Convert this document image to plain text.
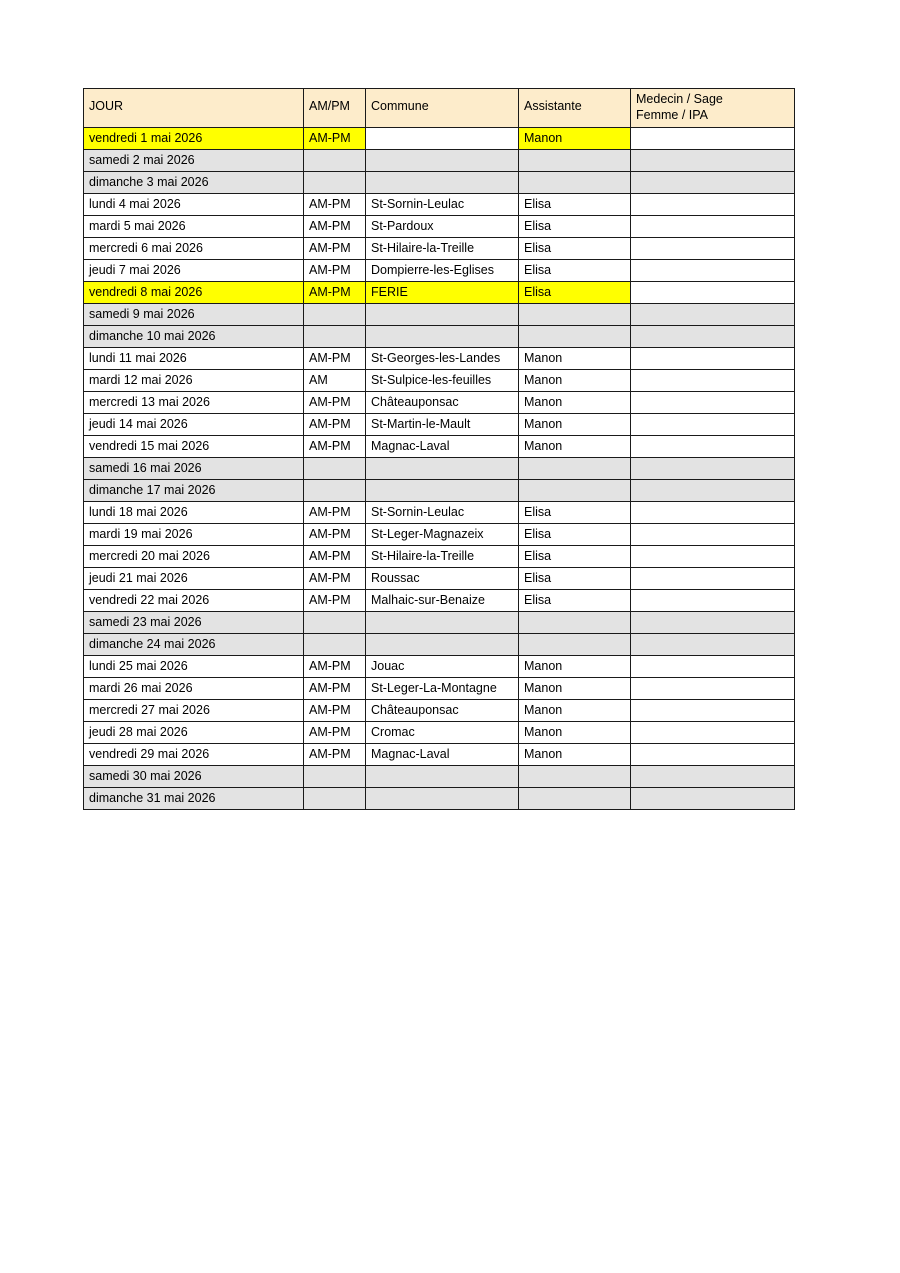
JOUR	AM/PM	Commune	Assistante	Medecin / Sage
Femme / IPA

vendredi 1 mai 2026	AM-PM		Manon	
samedi 2 mai 2026				
dimanche 3 mai 2026				
lundi 4 mai 2026	AM-PM	St-Sornin-Leulac	Elisa	
mardi 5 mai 2026	AM-PM	St-Pardoux	Elisa	
mercredi 6 mai 2026	AM-PM	St-Hilaire-la-Treille	Elisa	
jeudi 7 mai 2026	AM-PM	Dompierre-les-Eglises	Elisa	
vendredi 8 mai 2026	AM-PM	FERIE	Elisa	
samedi 9 mai 2026				
dimanche 10 mai 2026				
lundi 11 mai 2026	AM-PM	St-Georges-les-Landes	Manon	
mardi 12 mai 2026	AM	St-Sulpice-les-feuilles	Manon	
mercredi 13 mai 2026	AM-PM	Châteauponsac	Manon	
jeudi 14 mai 2026	AM-PM	St-Martin-le-Mault	Manon	
vendredi 15 mai 2026	AM-PM	Magnac-Laval	Manon	
samedi 16 mai 2026				
dimanche 17 mai 2026				
lundi 18 mai 2026	AM-PM	St-Sornin-Leulac	Elisa	
mardi 19 mai 2026	AM-PM	St-Leger-Magnazeix	Elisa	
mercredi 20 mai 2026	AM-PM	St-Hilaire-la-Treille	Elisa	
jeudi 21 mai 2026	AM-PM	Roussac	Elisa	
vendredi 22 mai 2026	AM-PM	Malhaic-sur-Benaize	Elisa	
samedi 23 mai 2026				
dimanche 24 mai 2026				
lundi 25 mai 2026	AM-PM	Jouac	Manon	
mardi 26 mai 2026	AM-PM	St-Leger-La-Montagne	Manon	
mercredi 27 mai 2026	AM-PM	Châteauponsac	Manon	
jeudi 28 mai 2026	AM-PM	Cromac	Manon	
vendredi 29 mai 2026	AM-PM	Magnac-Laval	Manon	
samedi 30 mai 2026				
dimanche 31 mai 2026				
